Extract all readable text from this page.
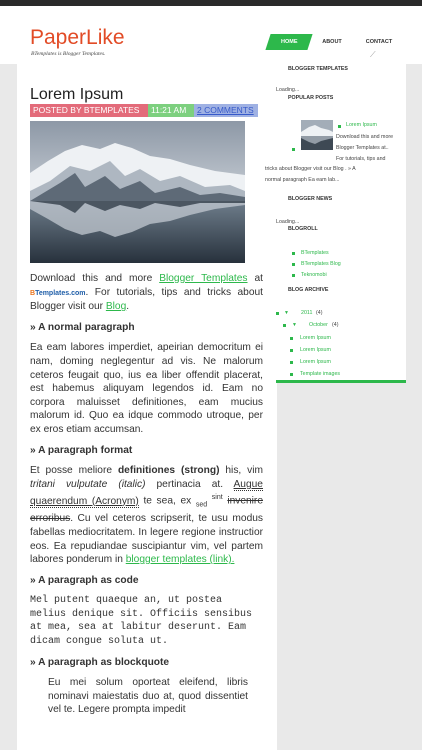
PaperLike
BTemplates is Blogger Templates.
HOME	ABOUT	CONTACT
⟋
Lorem Ipsum
POSTED BY BTEMPLATES	11:21 AM	2 COMMENTS

Download this and more Blogger Templates at BTemplates.com. For tutorials, tips and tricks about Blogger visit our Blog.

» A normal paragraph

Ea eam labores imperdiet, apeirian democritum ei nam, doming neglegentur ad vis. Ne malorum ceteros feugait quo, ius ea liber offendit placerat, est habemus aliquyam legendos id. Eam no corpora maluisset definitiones, eam mucius malorum id. Quo ea idque commodo utroque, per ex eros etiam accumsan.

» A paragraph format

Et posse meliore definitiones (strong) his, vim tritani vulputate (italic) pertinacia at. Augue quaerendum (Acronym) te sea, ex $_{sed}$ $^{sint}$ invenire erroribus. Cu vel ceteros scripserit, te usu modus fabellas mediocritatem. In legere regione instructior eos. Ea repudiandae suscipiantur vim, vel partem labores ponderum in blogger templates (link).

» A paragraph as code

Mel putent quaeque an, ut postea melius denique sit. Officiis sensibus at mea, sea at labitur deserunt. Eam dicam congue soluta ut.

» A paragraph as blockquote

Eu mei solum oporteat eleifend, libris nominavi maiestatis duo at, quod dissentiet vel te. Legere prompta impedit

BLOGGER TEMPLATES
Loading...
POPULAR POSTS
Lorem Ipsum
Download this and more
Blogger Templates at..
For tutorials, tips and
tricks about Blogger visit our Blog . » A
normal paragraph Ea eam lab...
BLOGGER NEWS
Loading...
BLOGROLL
BTemplates
BTemplates Blog
Teknomobi
BLOG ARCHIVE
▼ 2011 (4)
▼ October (4)
Lorem Ipsum
Lorem Ipsum
Lorem Ipsum
Template images
